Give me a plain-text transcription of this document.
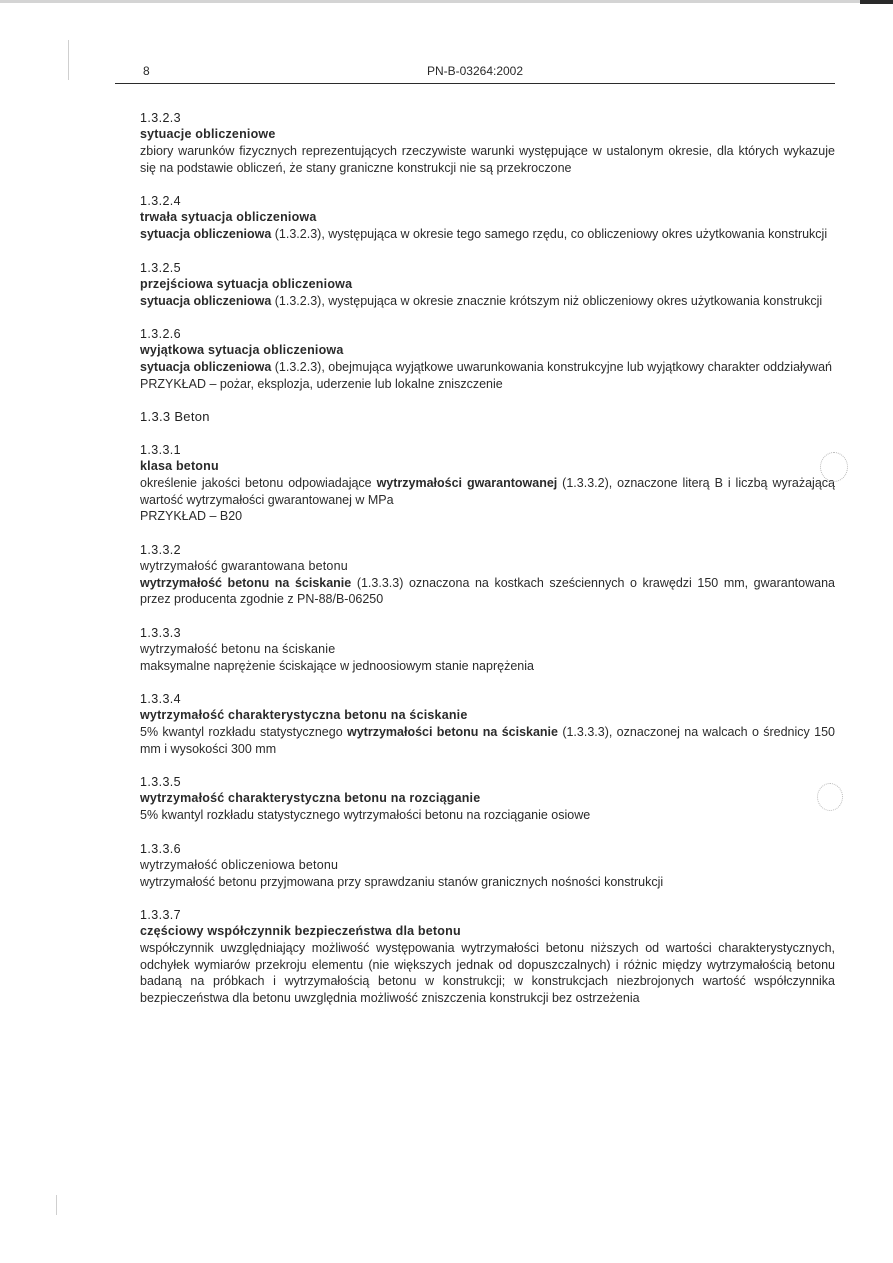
8	PN-B-03264:2002
1.3.2.3
sytuacje obliczeniowe
zbiory warunków fizycznych reprezentujących rzeczywiste warunki występujące w ustalonym okresie, dla których wykazuje się na podstawie obliczeń, że stany graniczne konstrukcji nie są przekroczone
1.3.2.4
trwała sytuacja obliczeniowa
sytuacja obliczeniowa (1.3.2.3), występująca w okresie tego samego rzędu, co obliczeniowy okres użytkowania konstrukcji
1.3.2.5
przejściowa sytuacja obliczeniowa
sytuacja obliczeniowa (1.3.2.3), występująca w okresie znacznie krótszym niż obliczeniowy okres użytkowania konstrukcji
1.3.2.6
wyjątkowa sytuacja obliczeniowa
sytuacja obliczeniowa (1.3.2.3), obejmująca wyjątkowe uwarunkowania konstrukcyjne lub wyjątkowy charakter oddziaływań
PRZYKŁAD – pożar, eksplozja, uderzenie lub lokalne zniszczenie
1.3.3 Beton
1.3.3.1
klasa betonu
określenie jakości betonu odpowiadające wytrzymałości gwarantowanej (1.3.3.2), oznaczone literą B i liczbą wyrażającą wartość wytrzymałości gwarantowanej w MPa
PRZYKŁAD – B20
1.3.3.2
wytrzymałość gwarantowana betonu
wytrzymałość betonu na ściskanie (1.3.3.3) oznaczona na kostkach sześciennych o krawędzi 150 mm, gwarantowana przez producenta zgodnie z PN-88/B-06250
1.3.3.3
wytrzymałość betonu na ściskanie
maksymalne naprężenie ściskające w jednoosiowym stanie naprężenia
1.3.3.4
wytrzymałość charakterystyczna betonu na ściskanie
5% kwantyl rozkładu statystycznego wytrzymałości betonu na ściskanie (1.3.3.3), oznaczonej na walcach o średnicy 150 mm i wysokości 300 mm
1.3.3.5
wytrzymałość charakterystyczna betonu na rozciąganie
5% kwantyl rozkładu statystycznego wytrzymałości betonu na rozciąganie osiowe
1.3.3.6
wytrzymałość obliczeniowa betonu
wytrzymałość betonu przyjmowana przy sprawdzaniu stanów granicznych nośności konstrukcji
1.3.3.7
częściowy współczynnik bezpieczeństwa dla betonu
współczynnik uwzględniający możliwość występowania wytrzymałości betonu niższych od wartości charakterystycznych, odchyłek wymiarów przekroju elementu (nie większych jednak od dopuszczalnych) i różnic między wytrzymałością betonu badaną na próbkach i wytrzymałością betonu w konstrukcji; w konstrukcjach niezbrojonych wartość współczynnika bezpieczeństwa dla betonu uwzględnia możliwość zniszczenia konstrukcji bez ostrzeżenia
